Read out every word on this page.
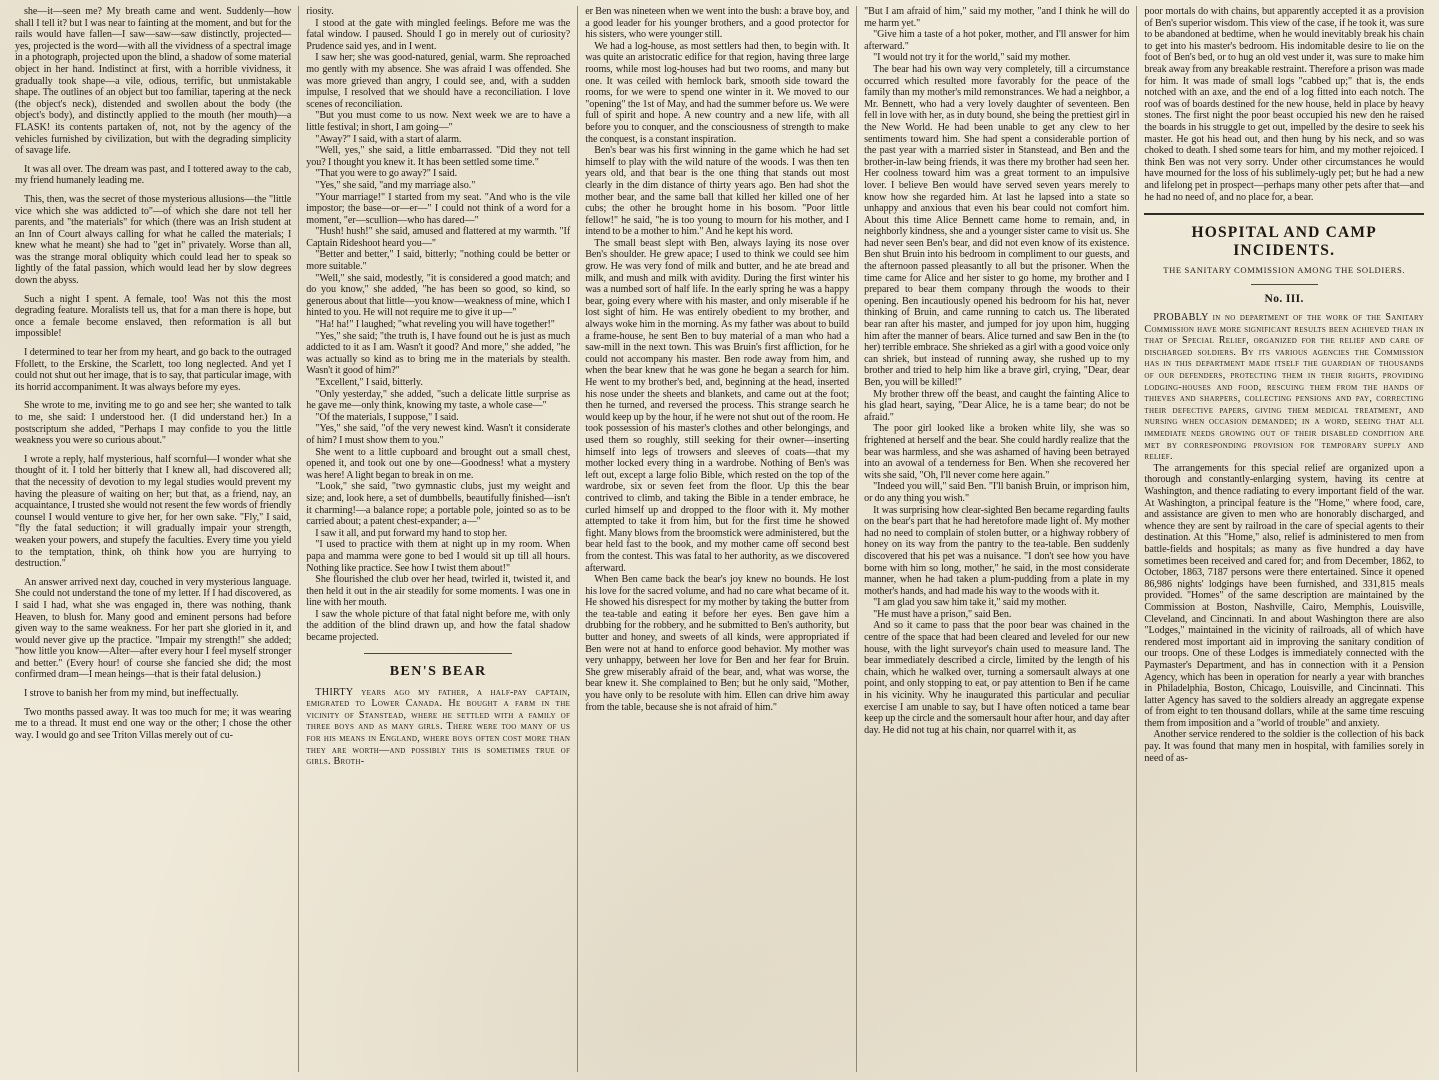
she—it—seen me? My breath came and went. Suddenly—how shall I tell it? but I was near to fainting at the moment, and but for the rails would have fallen—I saw—saw—saw distinctly, projected—yes, projected is the word—with all the vividness of a spectral image in a photograph, projected upon the blind, a shadow of some material object in her hand. Indistinct at first, with a horrible vividness, it gradually took shape—a vile, odious, terrific, but unmistakable shape. The outlines of an object but too familiar, tapering at the neck (the object's neck), distended and swollen about the body (the object's body), and distinctly applied to the mouth (her mouth)—a FLASK! its contents partaken of, not, not by the agency of the vehicles furnished by civilization, but with the degrading simplicity of savage life.

It was all over. The dream was past, and I tottered away to the cab, my friend humanely leading me.

This, then, was the secret of those mysterious allusions—the "little vice which she was addicted to"—of which she dare not tell her parents, and "the materials" for which (there was an Irish student at an Inn of Court always calling for what he called the materials; I knew what he meant) she had to "get in" privately. Worse than all, was the strange moral obliquity which could lead her to speak so lightly of the fatal passion, which would lead her by slow degrees down the abyss.

Such a night I spent. A female, too! Was not this the most degrading feature. Moralists tell us, that for a man there is hope, but once a female become enslaved, then reformation is all but impossible!

I determined to tear her from my heart, and go back to the outraged Ffollett, to the Erskine, the Scarlett, too long neglected. And yet I could not shut out her image, that is to say, that particular image, with its horrid accompaniment. It was always before my eyes.

She wrote to me, inviting me to go and see her; she wanted to talk to me, she said: I understood her. (I did understand her.) In a postscriptum she added, "Perhaps I may confide to you the little weakness you were so curious about."

I wrote a reply, half mysterious, half scornful—I wonder what she thought of it. I told her bitterly that I knew all, had discovered all; that the necessity of devotion to my legal studies would prevent my having the pleasure of waiting on her; but that, as a friend, nay, an acquaintance, I trusted she would not resent the few words of friendly counsel I would venture to give her, for her own sake. "Fly," I said, "fly the fatal seduction; it will gradually impair your strength, weaken your powers, and stupefy the faculties. Every time you yield to the temptation, think, oh think how you are hurrying to destruction."

An answer arrived next day, couched in very mysterious language. She could not understand the tone of my letter. If I had discovered, as I said I had, what she was engaged in, there was nothing, thank Heaven, to blush for. Many good and eminent persons had before given way to the same weakness. For her part she gloried in it, and would never give up the practice. "Impair my strength!" she added; "how little you know—Alter—after every hour I feel myself stronger and better." (Every hour! of course she fancied she did; the most confirmed dram—I mean heings—that is their fatal delusion.)

I strove to banish her from my mind, but ineffectually.

Two months passed away. It was too much for me; it was wearing me to a thread. It must end one way or the other; I chose the other way. I would go and see Triton Villas merely out of cu-

riosity.

I stood at the gate with mingled feelings. Before me was the fatal window. I paused. Should I go in merely out of curiosity? Prudence said yes, and in I went.

I saw her; she was good-natured, genial, warm. She reproached mo gently with my absence. She was afraid I was offended. She was more grieved than angry, I could see, and, with a sudden impulse, I resolved that we should have a reconciliation. I love scenes of reconciliation.

"But you must come to us now. Next week we are to have a little festival; in short, I am going—"

"Away?" I said, with a start of alarm.

"Well, yes," she said, a little embarrassed. "Did they not tell you? I thought you knew it. It has been settled some time."

"That you were to go away?" I said.

"Yes," she said, "and my marriage also."

"Your marriage!" I started from my seat. "And who is the vile impostor; the base—or—er—" I could not think of a word for a moment, "er—scullion—who has dared—"

"Hush! hush!" she said, amused and flattered at my warmth. "If Captain Rideshoot heard you—"

"Better and better," I said, bitterly; "nothing could be better or more suitable."

"Well," she said, modestly, "it is considered a good match; and do you know," she added, "he has been so good, so kind, so generous about that little—you know—weakness of mine, which I hinted to you. He will not require me to give it up—"

"Ha! ha!" I laughed; "what reveling you will have together!"

"Yes," she said; "the truth is, I have found out he is just as much addicted to it as I am. Wasn't it good? And more," she added, "he was actually so kind as to bring me in the materials by stealth. Wasn't it good of him?"

"Excellent," I said, bitterly.

"Only yesterday," she added, "such a delicate little surprise as he gave me—only think, knowing my taste, a whole case—"

"Of the materials, I suppose," I said.

"Yes," she said, "of the very newest kind. Wasn't it considerate of him? I must show them to you."

She went to a little cupboard and brought out a small chest, opened it, and took out one by one—Goodness! what a mystery was here! A light began to break in on me.

"Look," she said, "two gymnastic clubs, just my weight and size; and, look here, a set of dumbbells, beautifully finished—isn't it charming!—a balance rope; a portable pole, jointed so as to be carried about; a patent chest-expander; a—"

I saw it all, and put forward my hand to stop her.

"I used to practice with them at night up in my room. When papa and mamma were gone to bed I would sit up till all hours. Nothing like practice. See how I twist them about!"

She flourished the club over her head, twirled it, twisted it, and then held it out in the air steadily for some moments. I was one in line with her mouth.

I saw the whole picture of that fatal night before me, with only the addition of the blind drawn up, and how the fatal shadow became projected.

BEN'S BEAR

THIRTY years ago my father, a half-pay captain, emigrated to Lower Canada. He bought a farm in the vicinity of Stanstead, where he settled with a family of three boys and as many girls. There were too many of us for his means in England, where boys often cost more than they are worth—and possibly this is sometimes true of girls. Broth-

er Ben was nineteen when we went into the bush: a brave boy, and a good leader for his younger brothers, and a good protector for his sisters, who were younger still.

We had a log-house, as most settlers had then, to begin with. It was quite an aristocratic edifice for that region, having three large rooms, while most log-houses had but two rooms, and many but one. It was ceiled with hemlock bark, smooth side toward the rooms, for we were to spend one winter in it. We moved to our "opening" the 1st of May, and had the summer before us. We were full of spirit and hope. A new country and a new life, with all before you to conquer, and the consciousness of strength to make the conquest, is a constant inspiration.

Ben's bear was his first winning in the game which he had set himself to play with the wild nature of the woods. I was then ten years old, and that bear is the one thing that stands out most clearly in the dim distance of thirty years ago. Ben had shot the mother bear, and the same ball that killed her killed one of her cubs; the other he brought home in his bosom. "Poor little fellow!" he said, "he is too young to mourn for his mother, and I intend to be a mother to him." And he kept his word.

The small beast slept with Ben, always laying its nose over Ben's shoulder. He grew apace; I used to think we could see him grow. He was very fond of milk and butter, and he ate bread and milk, and mush and milk with avidity. During the first winter his was a numbed sort of half life. In the early spring he was a happy bear, going every where with his master, and only miserable if he lost sight of him. He was entirely obedient to my brother, and always woke him in the morning. As my father was about to build a frame-house, he sent Ben to buy material of a man who had a saw-mill in the next town. This was Bruin's first affliction, for he could not accompany his master. Ben rode away from him, and when the bear knew that he was gone he began a search for him. He went to my brother's bed, and, beginning at the head, inserted his nose under the sheets and blankets, and came out at the foot; then he turned, and reversed the process. This strange search he would keep up by the hour, if he were not shut out of the room. He took possession of his master's clothes and other belongings, and used them so roughly, still seeking for their owner—inserting himself into legs of trowsers and sleeves of coats—that my mother locked every thing in a wardrobe. Nothing of Ben's was left out, except a large folio Bible, which rested on the top of the wardrobe, six or seven feet from the floor. Up this the bear contrived to climb, and taking the Bible in a tender embrace, he curled himself up and dropped to the floor with it. My mother attempted to take it from him, but for the first time he showed fight. Many blows from the broomstick were administered, but the bear held fast to the book, and my mother came off second best from the contest. This was fatal to her authority, as we discovered afterward.

When Ben came back the bear's joy knew no bounds. He lost his love for the sacred volume, and had no care what became of it. He showed his disrespect for my mother by taking the butter from the tea-table and eating it before her eyes. Ben gave him a drubbing for the robbery, and he submitted to Ben's authority, but butter and honey, and sweets of all kinds, were appropriated if Ben were not at hand to enforce good behavior. My mother was very unhappy, between her love for Ben and her fear for Bruin. She grew miserably afraid of the bear, and, what was worse, the bear knew it. She complained to Ben; but he only said, "Mother, you have only to be resolute with him. Ellen can drive him away from the table, because she is not afraid of him."

"But I am afraid of him," said my mother, "and I think he will do me harm yet."

"Give him a taste of a hot poker, mother, and I'll answer for him afterward."

"I would not try it for the world," said my mother.

The bear had his own way very completely, till a circumstance occurred which resulted more favorably for the peace of the family than my mother's mild remonstrances. We had a neighbor, a Mr. Bennett, who had a very lovely daughter of seventeen. Ben fell in love with her, as in duty bound, she being the prettiest girl in the New World. He had been unable to get any clew to her sentiments toward him. She had spent a considerable portion of the past year with a married sister in Stanstead, and Ben and the brother-in-law being friends, it was there my brother had seen her. Her coolness toward him was a great torment to an impulsive lover. I believe Ben would have served seven years merely to know how she regarded him. At last he lapsed into a state so unhappy and anxious that even his bear could not comfort him. About this time Alice Bennett came home to remain, and, in neighborly kindness, she and a younger sister came to visit us. She had never seen Ben's bear, and did not even know of its existence. Ben shut Bruin into his bedroom in compliment to our guests, and the afternoon passed pleasantly to all but the prisoner. When the time came for Alice and her sister to go home, my brother and I prepared to bear them company through the woods to their opening. Ben incautiously opened his bedroom for his hat, never thinking of Bruin, and came running to catch us. The liberated bear ran after his master, and jumped for joy upon him, hugging him after the manner of bears. Alice turned and saw Ben in the (to her) terrible embrace. She shrieked as a girl with a good voice only can shriek, but instead of running away, she rushed up to my brother and tried to help him like a brave girl, crying, "Dear, dear Ben, you will be killed!"

My brother threw off the beast, and caught the fainting Alice to his glad heart, saying, "Dear Alice, he is a tame bear; do not be afraid."

The poor girl looked like a broken white lily, she was so frightened at herself and the bear. She could hardly realize that the bear was harmless, and she was ashamed of having been betrayed into an avowal of a tenderness for Ben. When she recovered her wits she said, "Oh, I'll never come here again."

"Indeed you will," said Ben. "I'll banish Bruin, or imprison him, or do any thing you wish."

It was surprising how clear-sighted Ben became regarding faults on the bear's part that he had heretofore made light of. My mother had no need to complain of stolen butter, or a highway robbery of honey on its way from the pantry to the tea-table. Ben suddenly discovered that his pet was a nuisance. "I don't see how you have borne with him so long, mother," he said, in the most considerate manner, when he had taken a plum-pudding from a plate in my mother's hands, and had made his way to the woods with it.

"I am glad you saw him take it," said my mother.

"He must have a prison," said Ben.

And so it came to pass that the poor bear was chained in the centre of the space that had been cleared and leveled for our new house, with the light surveyor's chain used to measure land. The bear immediately described a circle, limited by the length of his chain, which he walked over, turning a somersault always at one point, and only stopping to eat, or pay attention to Ben if he came in his vicinity. Why he inaugurated this particular and peculiar exercise I am unable to say, but I have often noticed a tame bear keep up the circle and the somersault hour after hour, and day after day. He did not tug at his chain, nor quarrel with it, as

poor mortals do with chains, but apparently accepted it as a provision of Ben's superior wisdom. This view of the case, if he took it, was sure to be abandoned at bedtime, when he would inevitably break his chain to get into his master's bedroom. His indomitable desire to lie on the foot of Ben's bed, or to hug an old vest under it, was sure to make him break away from any breakable restraint. Therefore a prison was made for him. It was made of small logs "cabbed up;" that is, the ends notched with an axe, and the end of a log fitted into each notch. The roof was of boards destined for the new house, held in place by heavy stones. The first night the poor beast occupied his new den he raised the boards in his struggle to get out, impelled by the desire to seek his master. He got his head out, and then hung by his neck, and so was choked to death. I shed some tears for him, and my mother rejoiced. I think Ben was not very sorry. Under other circumstances he would have mourned for the loss of his sublimely-ugly pet; but he had a new and lifelong pet in prospect—perhaps many other pets after that—and he had no need of, and no place for, a bear.

HOSPITAL AND CAMP INCIDENTS.
THE SANITARY COMMISSION AMONG THE SOLDIERS.
No. III.

PROBABLY in no department of the work of the Sanitary Commission have more significant results been achieved than in that of Special Relief, organized for the relief and care of discharged soldiers. By its various agencies the Commission has in this department made itself the guardian of thousands of our defenders, protecting them in their rights, providing lodging-houses and food, rescuing them from the hands of thieves and sharpers, collecting pensions and pay, correcting their defective papers, giving them medical treatment, and nursing when occasion demanded; in a word, seeing that all immediate needs growing out of their disabled condition are met by corresponding provision for temporary supply and relief.

The arrangements for this special relief are organized upon a thorough and constantly-enlarging system, having its centre at Washington, and thence radiating to every important field of the war. At Washington, a principal feature is the "Home," where food, care, and assistance are given to men who are honorably discharged, and whence they are sent by railroad in the care of special agents to their destination. At this "Home," also, relief is administered to men from battle-fields and hospitals; as many as five hundred a day have sometimes been received and cared for; and from December, 1862, to October, 1863, 7187 persons were there entertained. Since it opened 86,986 nights' lodgings have been furnished, and 331,815 meals provided. "Homes" of the same description are maintained by the Commission at Boston, Nashville, Cairo, Memphis, Louisville, Cleveland, and Cincinnati. In and about Washington there are also "Lodges," maintained in the vicinity of railroads, all of which have rendered most important aid in improving the sanitary condition of our troops. One of these Lodges is immediately connected with the Paymaster's Department, and has in connection with it a Pension Agency, which has been in operation for nearly a year with branches in Philadelphia, Boston, Chicago, Louisville, and Cincinnati. This latter Agency has saved to the soldiers already an aggregate expense of from eight to ten thousand dollars, while at the same time rescuing them from imposition and a "world of trouble" and anxiety.

Another service rendered to the soldier is the collection of his back pay. It was found that many men in hospital, with families sorely in need of as-
